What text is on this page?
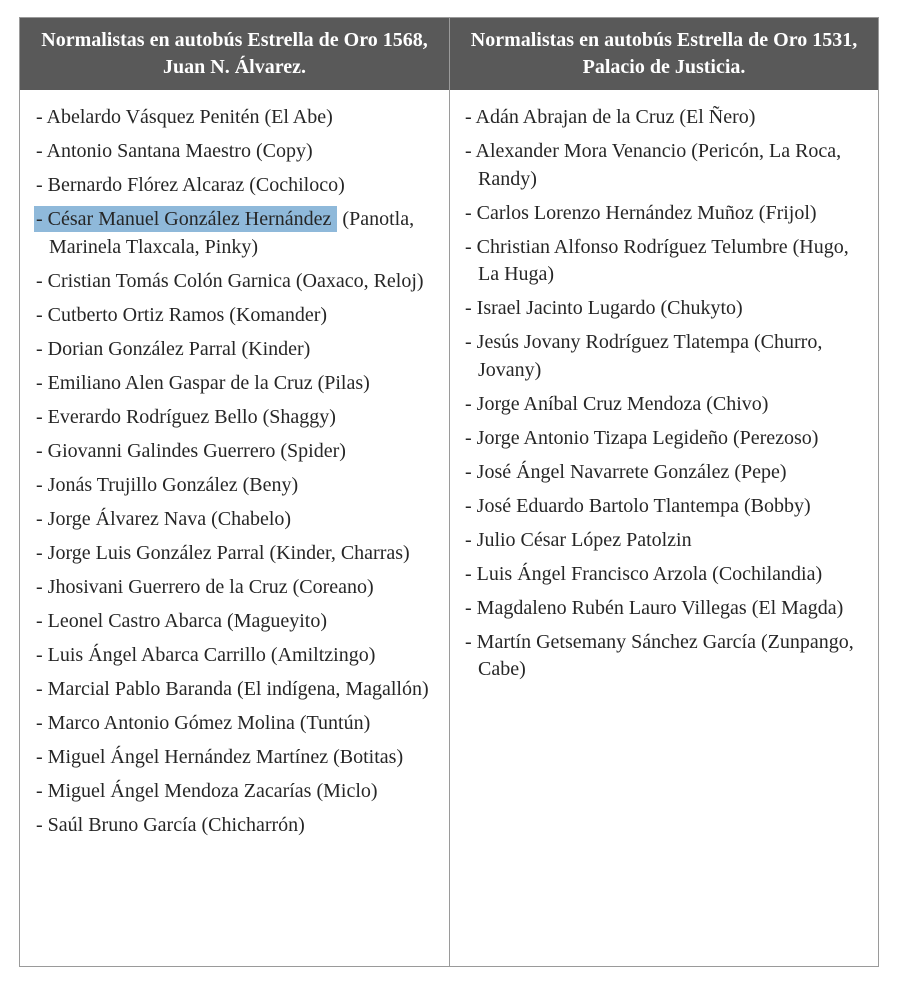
Normalistas en autobús Estrella de Oro 1568, Juan N. Álvarez.
Normalistas en autobús Estrella de Oro 1531, Palacio de Justicia.
- Abelardo Vásquez Penitén (El Abe)
- Antonio Santana Maestro (Copy)
- Bernardo Flórez Alcaraz (Cochiloco)
- César Manuel González Hernández (Panotla, Marinela Tlaxcala, Pinky)
- Cristian Tomás Colón Garnica (Oaxaco, Reloj)
- Cutberto Ortiz Ramos (Komander)
- Dorian González Parral (Kinder)
- Emiliano Alen Gaspar de la Cruz (Pilas)
- Everardo Rodríguez Bello (Shaggy)
- Giovanni Galindes Guerrero (Spider)
- Jonás Trujillo González (Beny)
- Jorge Álvarez Nava (Chabelo)
- Jorge Luis González Parral (Kinder, Charras)
- Jhosivani Guerrero de la Cruz (Coreano)
- Leonel Castro Abarca (Magueyito)
- Luis Ángel Abarca Carrillo (Amiltzingo)
- Marcial Pablo Baranda (El indígena, Magallón)
- Marco Antonio Gómez Molina (Tuntún)
- Miguel Ángel Hernández Martínez (Botitas)
- Miguel Ángel Mendoza Zacarías (Miclo)
- Saúl Bruno García (Chicharrón)
- Adán Abrajan de la Cruz (El Ñero)
- Alexander Mora Venancio (Pericón, La Roca, Randy)
- Carlos Lorenzo Hernández Muñoz (Frijol)
- Christian Alfonso Rodríguez Telumbre (Hugo, La Huga)
- Israel Jacinto Lugardo (Chukyto)
- Jesús Jovany Rodríguez Tlatempa (Churro, Jovany)
- Jorge Aníbal Cruz Mendoza (Chivo)
- Jorge Antonio Tizapa Legideño (Perezoso)
- José Ángel Navarrete González (Pepe)
- José Eduardo Bartolo Tlantempa (Bobby)
- Julio César López Patolzin
- Luis Ángel Francisco Arzola (Cochilandia)
- Magdaleno Rubén Lauro Villegas (El Magda)
- Martín Getsemany Sánchez García (Zunpango, Cabe)
